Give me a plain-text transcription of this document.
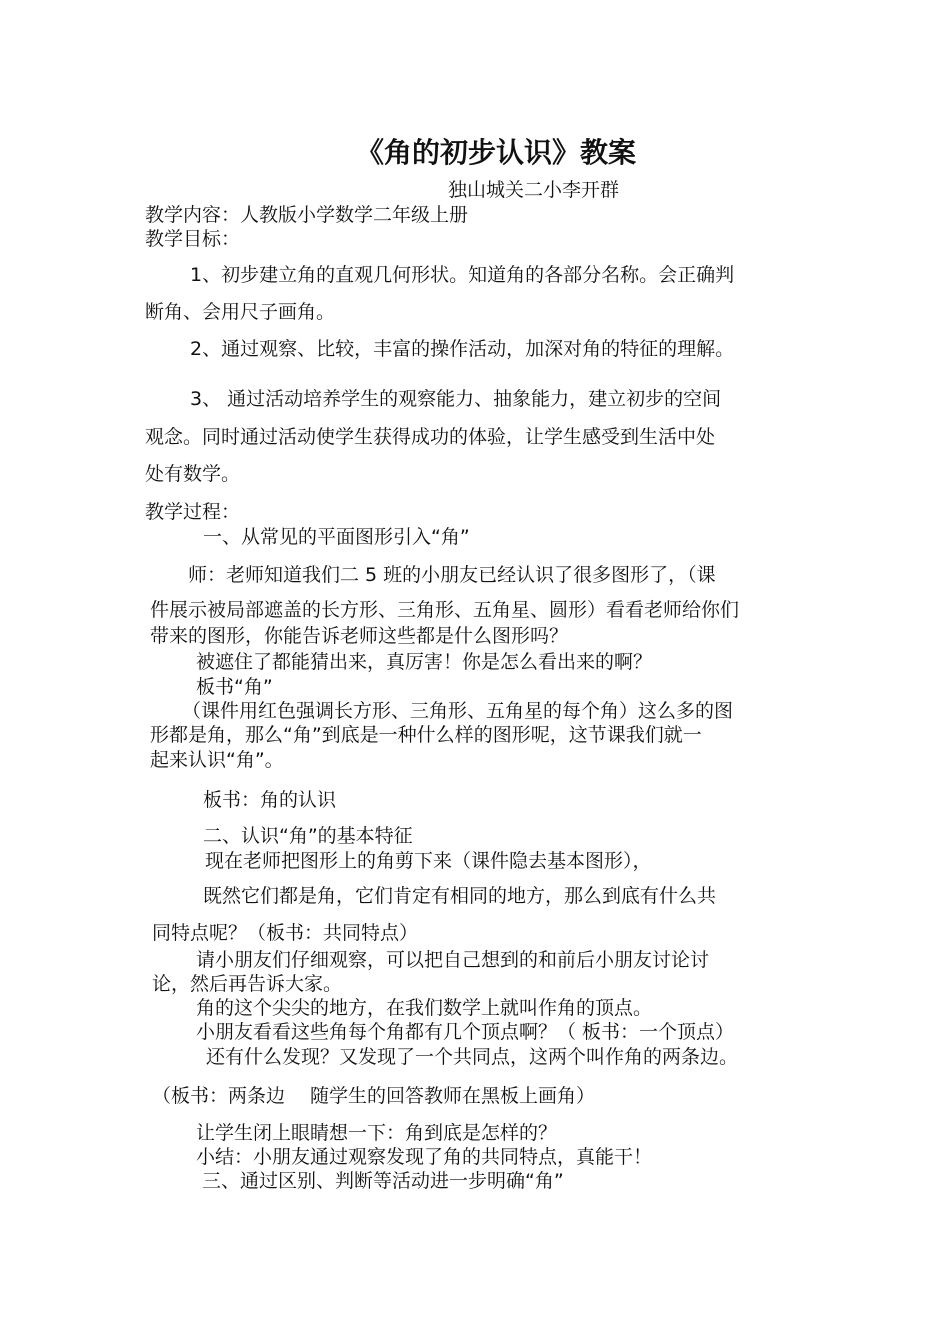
《角的初步认识》教案
独山城关二小李开群
教学内容：人教版小学数学二年级上册
教学目标：
1、初步建立角的直观几何形状。知道角的各部分名称。会正确判
断角、会用尺子画角。
2、通过观察、比较，丰富的操作活动，加深对角的特征的理解。
3、 通过活动培养学生的观察能力、抽象能力，建立初步的空间
观念。同时通过活动使学生获得成功的体验，让学生感受到生活中处
处有数学。
教学过程：
一、从常见的平面图形引入“角”
师：老师知道我们二 5 班的小朋友已经认识了很多图形了，（课
件展示被局部遮盖的长方形、三角形、五角星、圆形）看看老师给你们
带来的图形，你能告诉老师这些都是什么图形吗？
被遮住了都能猜出来，真厉害！你是怎么看出来的啊？
板书“角”
（课件用红色强调长方形、三角形、五角星的每个角）这么多的图
形都是角，那么“角”到底是一种什么样的图形呢，这节课我们就一
起来认识“角”。
板书：角的认识
二、认识“角”的基本特征
现在老师把图形上的角剪下来（课件隐去基本图形），
既然它们都是角，它们肯定有相同的地方，那么到底有什么共
同特点呢？（板书：共同特点）
请小朋友们仔细观察，可以把自己想到的和前后小朋友讨论讨
论，然后再告诉大家。
角的这个尖尖的地方，在我们数学上就叫作角的顶点。
小朋友看看这些角每个角都有几个顶点啊？（ 板书：一个顶点）
还有什么发现？又发现了一个共同点，这两个叫作角的两条边。
（板书：两条边　 随学生的回答教师在黑板上画角）
让学生闭上眼睛想一下：角到底是怎样的？
小结：小朋友通过观察发现了角的共同特点，真能干！
三、通过区别、判断等活动进一步明确“角”
